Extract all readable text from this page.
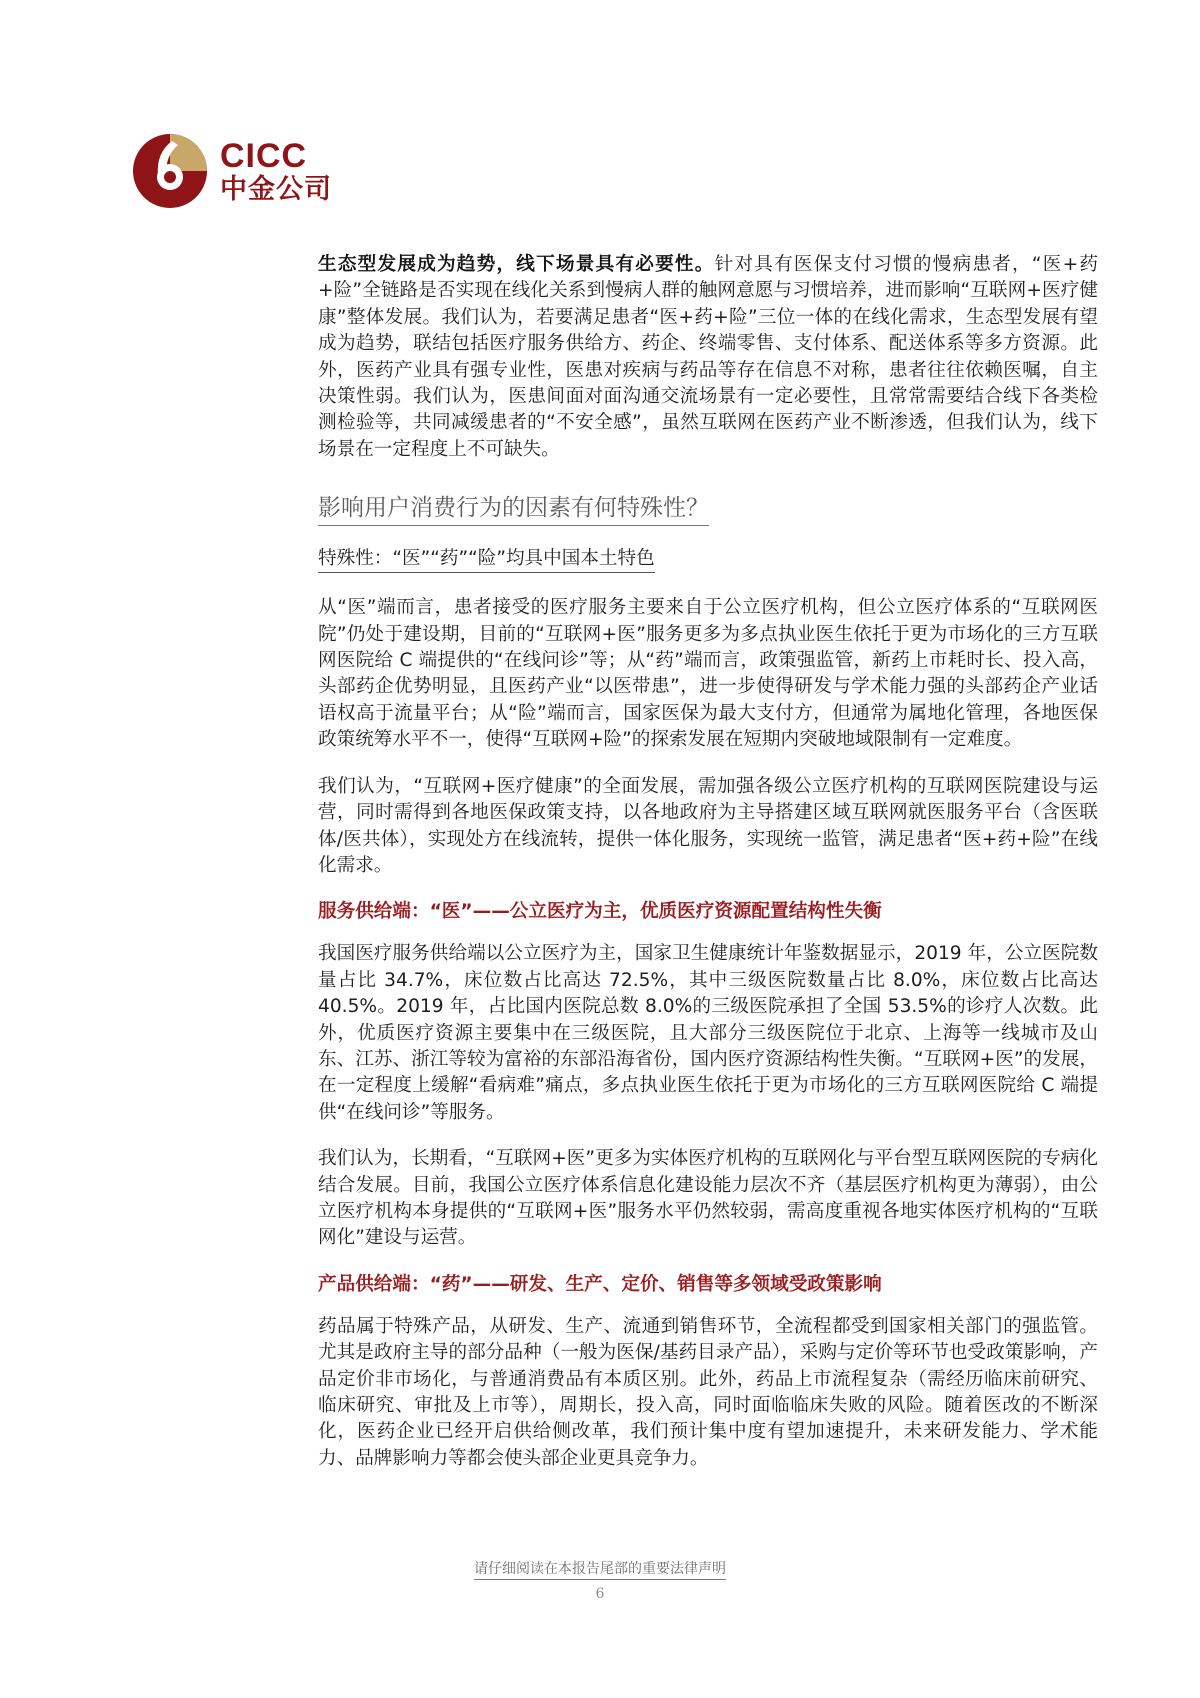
CICC
中金公司

生态型发展成为趋势，线下场景具有必要性。针对具有医保支付习惯的慢病患者，“医+药+险”全链路是否实现在线化关系到慢病人群的触网意愿与习惯培养，进而影响“互联网+医疗健康”整体发展。我们认为，若要满足患者“医+药+险”三位一体的在线化需求，生态型发展有望成为趋势，联结包括医疗服务供给方、药企、终端零售、支付体系、配送体系等多方资源。此外，医药产业具有强专业性，医患对疾病与药品等存在信息不对称，患者往往依赖医嘱，自主决策性弱。我们认为，医患间面对面沟通交流场景有一定必要性，且常常需要结合线下各类检测检验等，共同减缓患者的“不安全感”，虽然互联网在医药产业不断渗透，但我们认为，线下场景在一定程度上不可缺失。

影响用户消费行为的因素有何特殊性？
特殊性：“医”“药”“险”均具中国本土特色

从“医”端而言，患者接受的医疗服务主要来自于公立医疗机构，但公立医疗体系的“互联网医院”仍处于建设期，目前的“互联网+医”服务更多为多点执业医生依托于更为市场化的三方互联网医院给 C 端提供的“在线问诊”等；从“药”端而言，政策强监管，新药上市耗时长、投入高，头部药企优势明显，且医药产业“以医带患”，进一步使得研发与学术能力强的头部药企产业话语权高于流量平台；从“险”端而言，国家医保为最大支付方，但通常为属地化管理，各地医保政策统筹水平不一，使得“互联网+险”的探索发展在短期内突破地域限制有一定难度。

我们认为，“互联网+医疗健康”的全面发展，需加强各级公立医疗机构的互联网医院建设与运营，同时需得到各地医保政策支持，以各地政府为主导搭建区域互联网就医服务平台（含医联体/医共体），实现处方在线流转，提供一体化服务，实现统一监管，满足患者“医+药+险”在线化需求。

服务供给端：“医”——公立医疗为主，优质医疗资源配置结构性失衡

我国医疗服务供给端以公立医疗为主，国家卫生健康统计年鉴数据显示，2019 年，公立医院数量占比 34.7%，床位数占比高达 72.5%，其中三级医院数量占比 8.0%，床位数占比高达 40.5%。2019 年，占比国内医院总数 8.0%的三级医院承担了全国 53.5%的诊疗人次数。此外，优质医疗资源主要集中在三级医院，且大部分三级医院位于北京、上海等一线城市及山东、江苏、浙江等较为富裕的东部沿海省份，国内医疗资源结构性失衡。“互联网+医”的发展，在一定程度上缓解“看病难”痛点，多点执业医生依托于更为市场化的三方互联网医院给 C 端提供“在线问诊”等服务。

我们认为，长期看，“互联网+医”更多为实体医疗机构的互联网化与平台型互联网医院的专病化结合发展。目前，我国公立医疗体系信息化建设能力层次不齐（基层医疗机构更为薄弱），由公立医疗机构本身提供的“互联网+医”服务水平仍然较弱，需高度重视各地实体医疗机构的“互联网化”建设与运营。

产品供给端：“药”——研发、生产、定价、销售等多领域受政策影响

药品属于特殊产品，从研发、生产、流通到销售环节，全流程都受到国家相关部门的强监管。尤其是政府主导的部分品种（一般为医保/基药目录产品），采购与定价等环节也受政策影响，产品定价非市场化，与普通消费品有本质区别。此外，药品上市流程复杂（需经历临床前研究、临床研究、审批及上市等），周期长，投入高，同时面临临床失败的风险。随着医改的不断深化，医药企业已经开启供给侧改革，我们预计集中度有望加速提升，未来研发能力、学术能力、品牌影响力等都会使头部企业更具竞争力。

请仔细阅读在本报告尾部的重要法律声明
6
